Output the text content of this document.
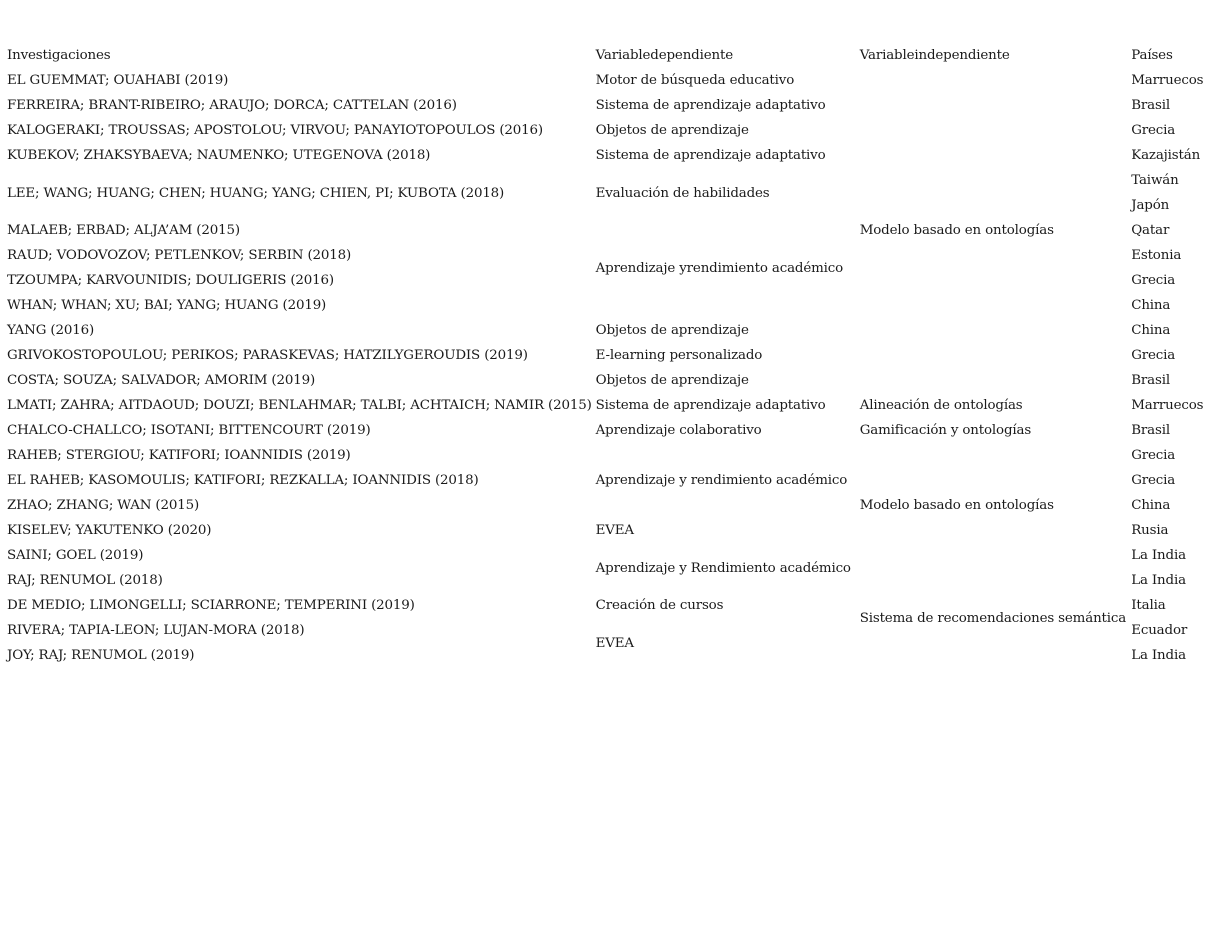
Investigaciones	Variabledependiente	Variableindependiente	Países
EL GUEMMAT; OUAHABI (2019)	Motor de búsqueda educativo		Marruecos
FERREIRA; BRANT-RIBEIRO; ARAUJO; DORCA; CATTELAN (2016)	Sistema de aprendizaje adaptativo		Brasil
KALOGERAKI; TROUSSAS; APOSTOLOU; VIRVOU; PANAYIOTOPOULOS (2016)	Objetos de aprendizaje		Grecia
KUBEKOV; ZHAKSYBAEVA; NAUMENKO; UTEGENOVA (2018)	Sistema de aprendizaje adaptativo		Kazajistán
LEE; WANG; HUANG; CHEN; HUANG; YANG; CHIEN, PI; KUBOTA (2018)	Evaluación de habilidades		Taiwán
			Japón
MALAEB; ERBAD; ALJA’AM (2015)	Aprendizaje yrendimiento académico	Modelo basado en ontologías	Qatar
RAUD; VODOVOZOV; PETLENKOV; SERBIN (2018)			Estonia
TZOUMPA; KARVOUNIDIS; DOULIGERIS (2016)			Grecia
WHAN; WHAN; XU; BAI; YANG; HUANG (2019)			China
YANG (2016)	Objetos de aprendizaje		China
GRIVOKOSTOPOULOU; PERIKOS; PARASKEVAS; HATZILYGEROUDIS (2019)	E-learning personalizado		Grecia
COSTA; SOUZA; SALVADOR; AMORIM (2019)	Objetos de aprendizaje		Brasil
LMATI; ZAHRA; AITDAOUD; DOUZI; BENLAHMAR; TALBI; ACHTAICH; NAMIR (2015)	Sistema de aprendizaje adaptativo	Alineación de ontologías	Marruecos
CHALCO-CHALLCO; ISOTANI; BITTENCOURT (2019)	Aprendizaje colaborativo	Gamificación y ontologías	Brasil
RAHEB; STERGIOU; KATIFORI; IOANNIDIS (2019)	Aprendizaje y rendimiento académico		Grecia
EL RAHEB; KASOMOULIS; KATIFORI; REZKALLA; IOANNIDIS (2018)			Grecia
ZHAO; ZHANG; WAN (2015)		Modelo basado en ontologías	China
KISELEV; YAKUTENKO (2020)	EVEA		Rusia
SAINI; GOEL (2019)	Aprendizaje y Rendimiento académico		La India
RAJ; RENUMOL (2018)			La India
DE MEDIO; LIMONGELLI; SCIARRONE; TEMPERINI (2019)	Creación de cursos	Sistema de recomendaciones semántica	Italia
RIVERA; TAPIA-LEON; LUJAN-MORA (2018)	EVEA		Ecuador
JOY; RAJ; RENUMOL (2019)			La India
